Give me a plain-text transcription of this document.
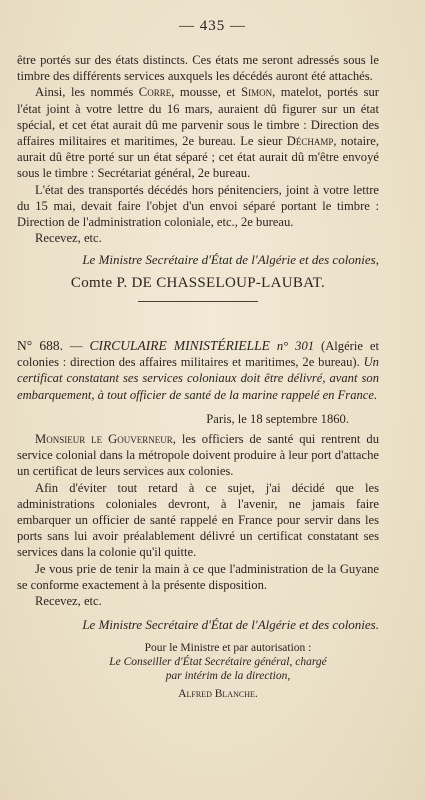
— 435 —

être portés sur des états distincts. Ces états me seront adressés sous le timbre des différents services auxquels les décédés auront été attachés.

Ainsi, les nommés Corre, mousse, et Simon, matelot, portés sur l'état joint à votre lettre du 16 mars, auraient dû figurer sur un état spécial, et cet état aurait dû me parvenir sous le timbre : Direction des affaires militaires et maritimes, 2e bureau. Le sieur Déchamp, notaire, aurait dû être porté sur un état séparé ; cet état aurait dû m'être envoyé sous le timbre : Secrétariat général, 2e bureau.

L'état des transportés décédés hors pénitenciers, joint à votre lettre du 15 mai, devait faire l'objet d'un envoi séparé portant le timbre : Direction de l'administration coloniale, etc., 2e bureau.

Recevez, etc.

Le Ministre Secrétaire d'État de l'Algérie et des colonies,

Comte P. DE CHASSELOUP-LAUBAT.

N° 688. — CIRCULAIRE MINISTÉRIELLE n° 301 (Algérie et colonies : direction des affaires militaires et maritimes, 2e bureau). Un certificat constatant ses services coloniaux doit être délivré, avant son embarquement, à tout officier de santé de la marine rappelé en France.

Paris, le 18 septembre 1860.

Monsieur le Gouverneur, les officiers de santé qui rentrent du service colonial dans la métropole doivent produire à leur port d'attache un certificat de leurs services aux colonies.

Afin d'éviter tout retard à ce sujet, j'ai décidé que les administrations coloniales devront, à l'avenir, ne jamais faire embarquer un officier de santé rappelé en France pour servir dans les ports sans lui avoir préalablement délivré un certificat constatant ses services dans la colonie qu'il quitte.

Je vous prie de tenir la main à ce que l'administration de la Guyane se conforme exactement à la présente disposition.

Recevez, etc.

Le Ministre Secrétaire d'État de l'Algérie et des colonies.

Pour le Ministre et par autorisation :

Le Conseiller d'État Secrétaire général, chargé

par intérim de la direction,

Alfred Blanche.
